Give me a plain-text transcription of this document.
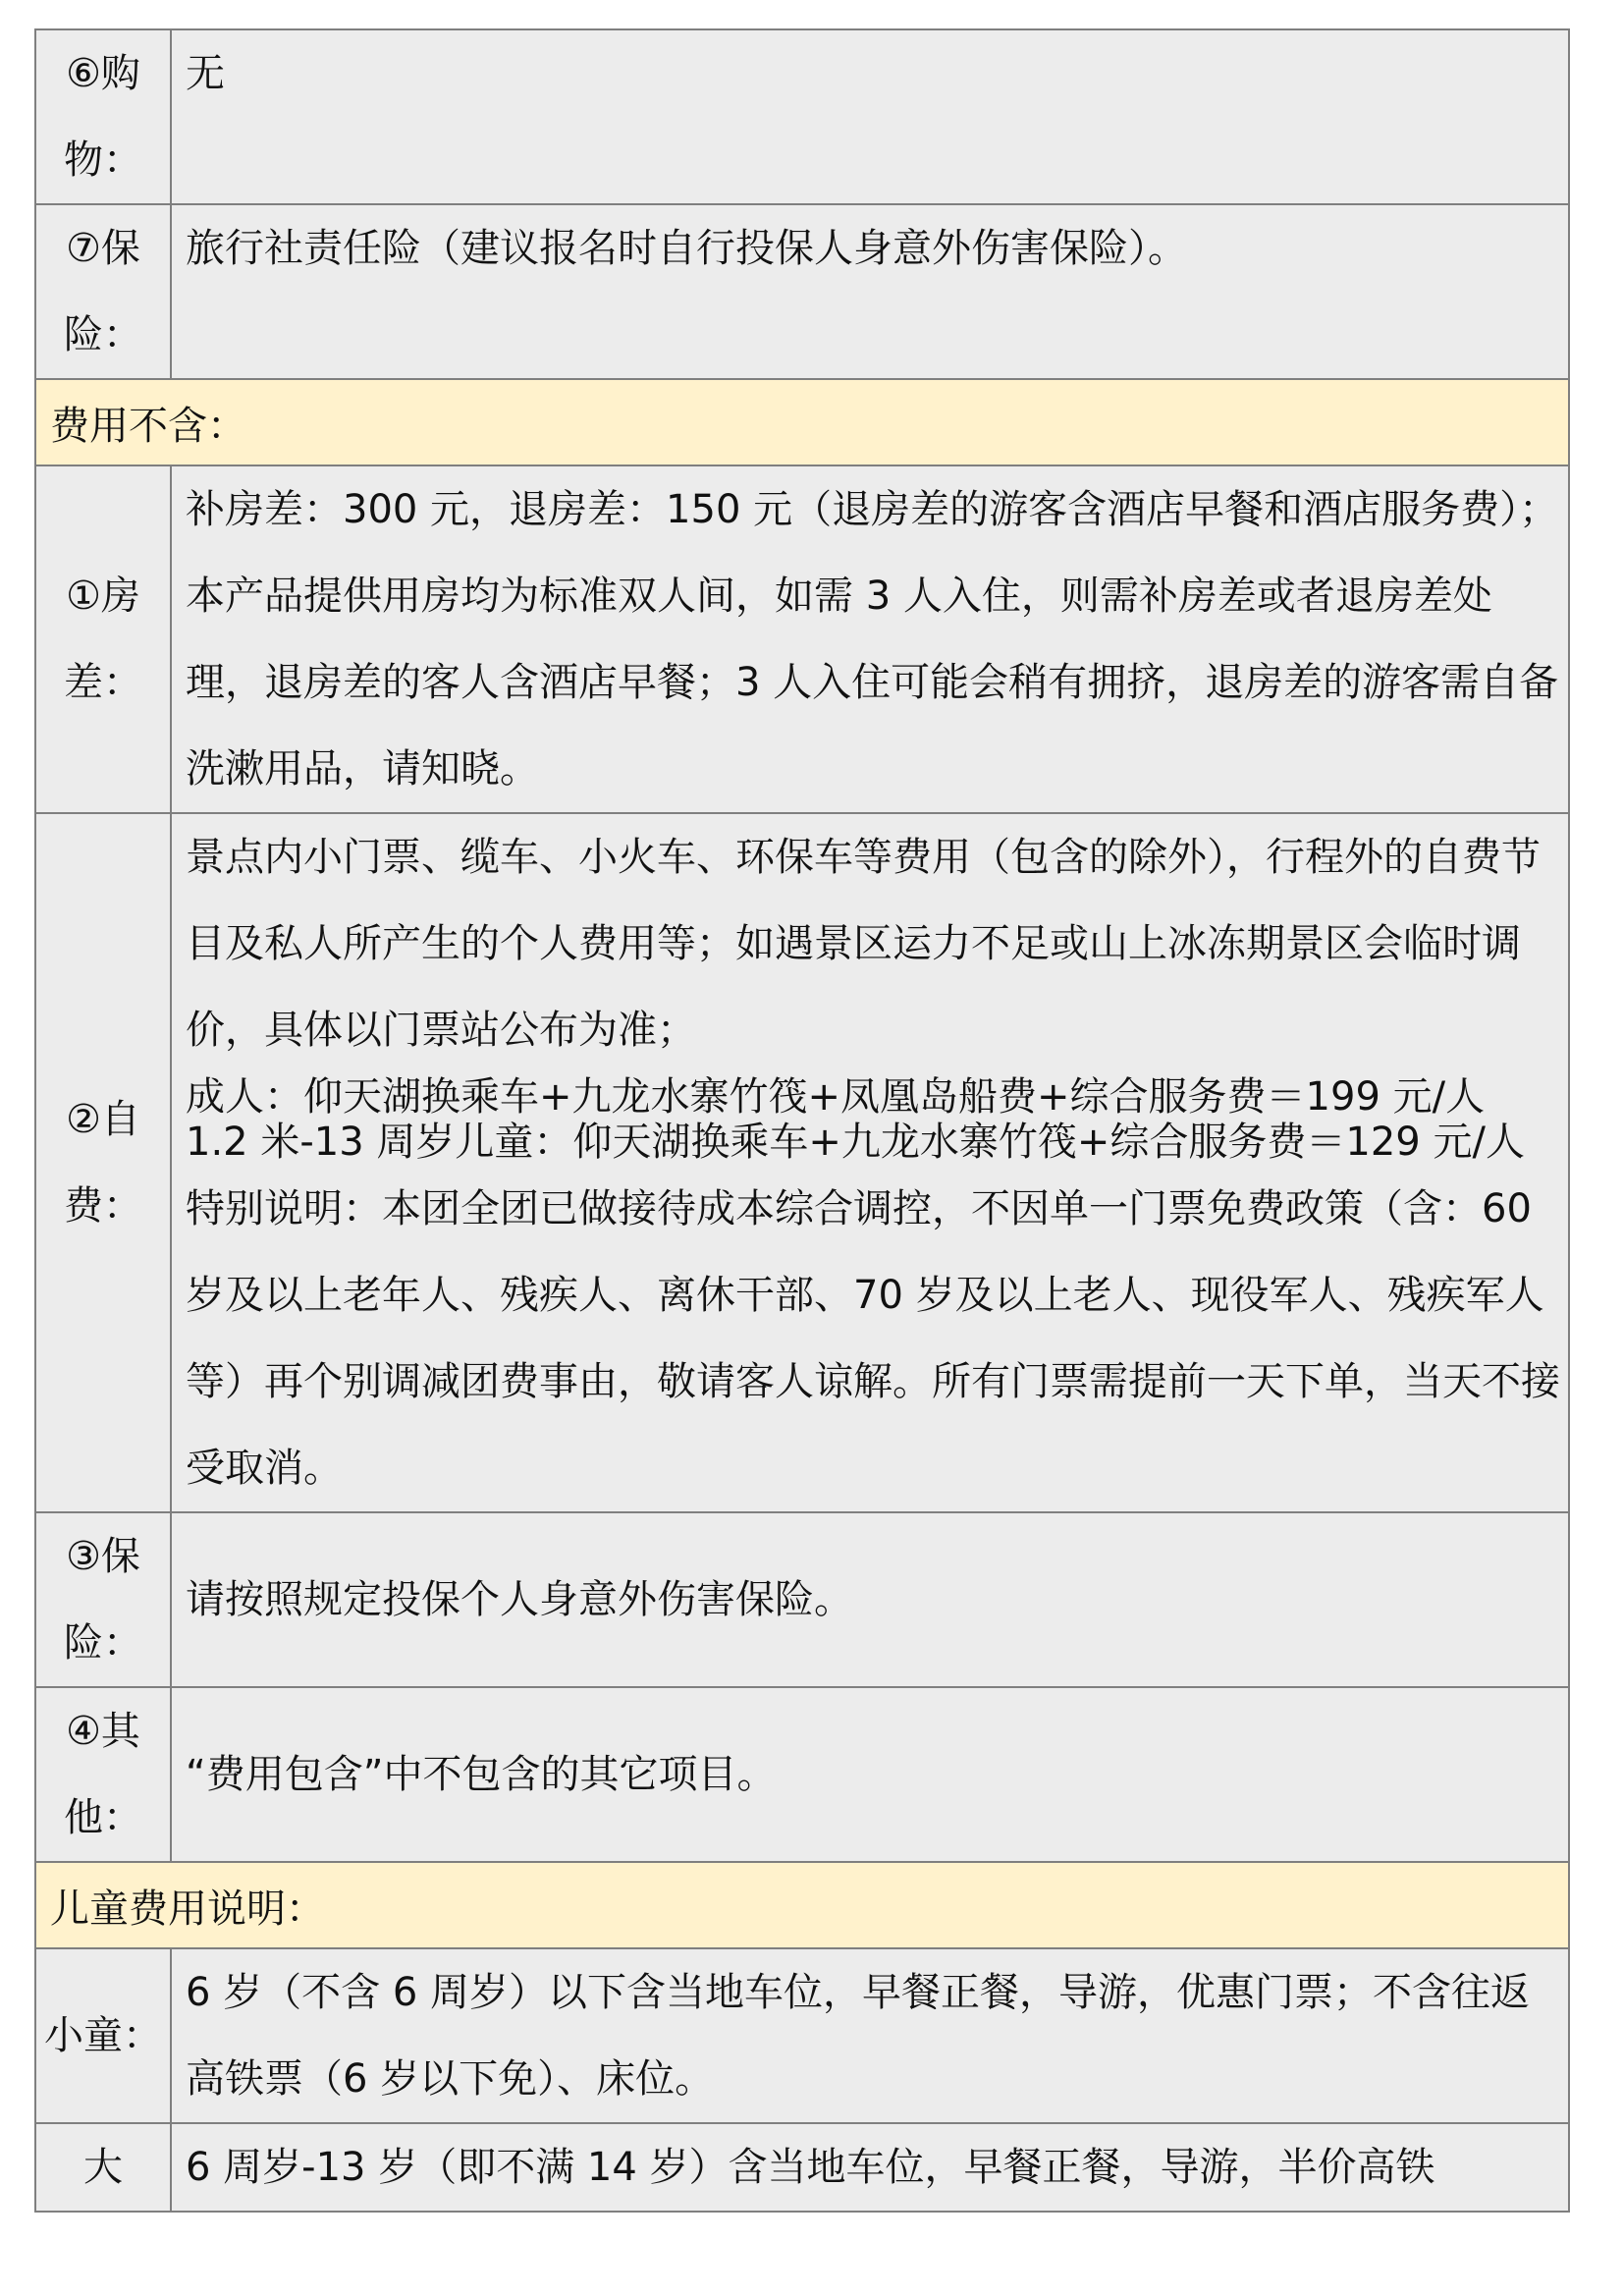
⑥购物：	无
⑦保险：	旅行社责任险（建议报名时自行投保人身意外伤害保险）。
费用不含：	
①房差：	补房差：300 元，退房差：150 元（退房差的游客含酒店早餐和酒店服务费）；本产品提供用房均为标准双人间，如需 3 人入住，则需补房差或者退房差处理，退房差的客人含酒店早餐；3 人入住可能会稍有拥挤，退房差的游客需自备洗漱用品，请知晓。
②自费：	景点内小门票、缆车、小火车、环保车等费用（包含的除外），行程外的自费节目及私人所产生的个人费用等；如遇景区运力不足或山上冰冻期景区会临时调价，具体以门票站公布为准；
成人：仰天湖换乘车+九龙水寨竹筏+凤凰岛船费+综合服务费＝199 元/人
1.2 米-13 周岁儿童：仰天湖换乘车+九龙水寨竹筏+综合服务费＝129 元/人
特别说明：本团全团已做接待成本综合调控，不因单一门票免费政策（含：60 岁及以上老年人、残疾人、离休干部、70 岁及以上老人、现役军人、残疾军人等）再个别调减团费事由，敬请客人谅解。所有门票需提前一天下单，当天不接受取消。

③保险：	请按照规定投保个人身意外伤害保险。
④其他：	“费用包含”中不包含的其它项目。
儿童费用说明：	
小童：	6 岁（不含 6 周岁）以下含当地车位，早餐正餐，导游，优惠门票；不含往返高铁票（6 岁以下免）、床位。
大	6 周岁-13 岁（即不满 14 岁）含当地车位，早餐正餐，导游，半价高铁
